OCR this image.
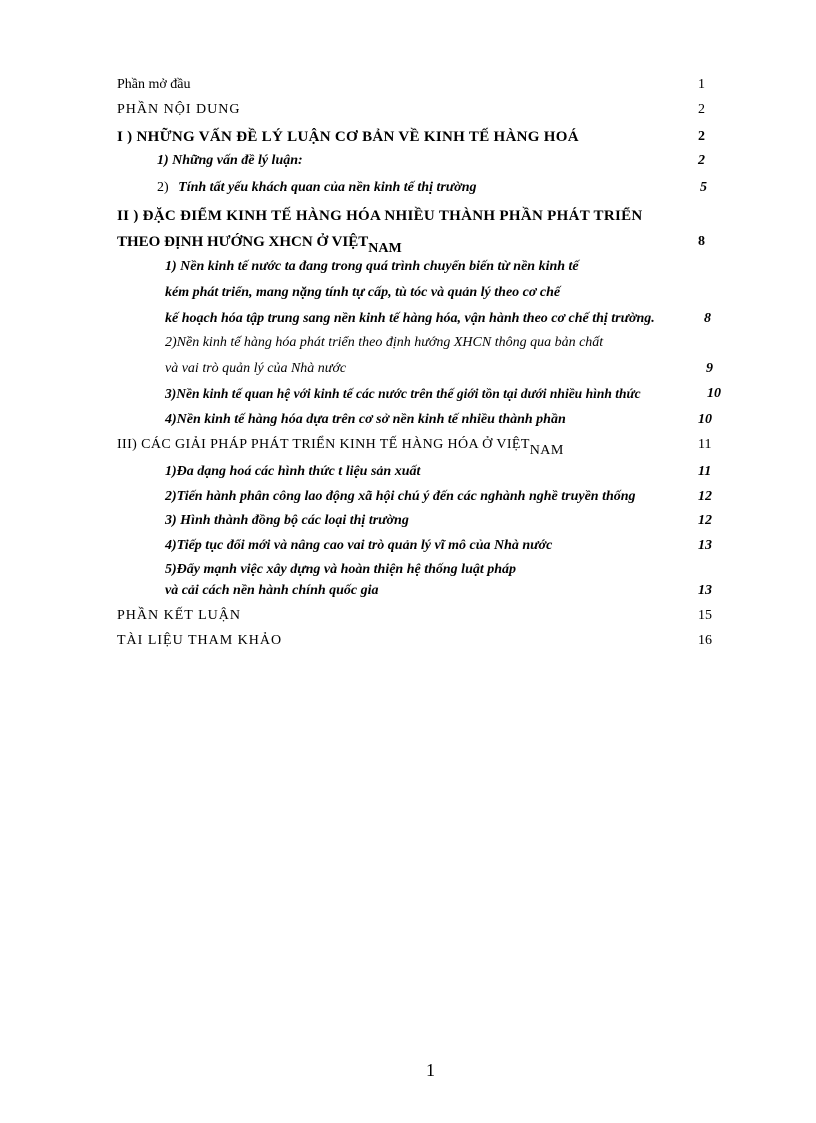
Phần mở đầu	1
PHẦN NỘI DUNG	2
I ) NHỮNG VẤN ĐỀ LÝ LUẬN CƠ BẢN VỀ KINH TẾ HÀNG HOÁ	2
1) Những vấn đề lý luận:	2
2) Tính tất yếu khách quan của nền kinh tế thị trường	5
II ) ĐẶC ĐIỂM KINH TẾ HÀNG HÓA NHIỀU THÀNH PHẦN PHÁT TRIỂN
THEO ĐỊNH HƯỚNG XHCN Ở VIỆTNAM	8
1) Nền kinh tế nước ta đang trong quá trình chuyển biến từ nền kinh tế
kém phát triển, mang nặng tính tự cấp, tù tóc và quản lý theo cơ chế
kế hoạch hóa tập trung sang nền kinh tế hàng hóa, vận hành theo cơ chế thị trường.	8
2)Nền kinh tế hàng hóa phát triển theo định hướng XHCN thông qua bản chất
và vai trò quản lý của Nhà nước	9
3)Nền kinh tế quan hệ với kinh tế các nước trên thế giới tồn tại dưới nhiều hình thức	10
4)Nền kinh tế hàng hóa dựa trên cơ sở nền kinh tế nhiều thành phần	10
III) CÁC GIẢI PHÁP PHÁT TRIỂN KINH TẾ HÀNG HÓA Ở VIỆTNAM	11
1)Đa dạng hoá các hình thức t liệu sản xuất	11
2)Tiến hành phân công lao động xã hội chú ý đến các nghành nghề truyền thống	12
3) Hình thành đồng bộ các loại thị trường	12
4)Tiếp tục đổi mới và nâng cao vai trò quản lý vĩ mô của Nhà nước	13
5)Đẩy mạnh việc xây dựng và hoàn thiện hệ thống luật pháp
và cải cách nền hành chính quốc gia	13
PHẦN KẾT LUẬN	15
TÀI LIỆU THAM KHẢO	16
1
